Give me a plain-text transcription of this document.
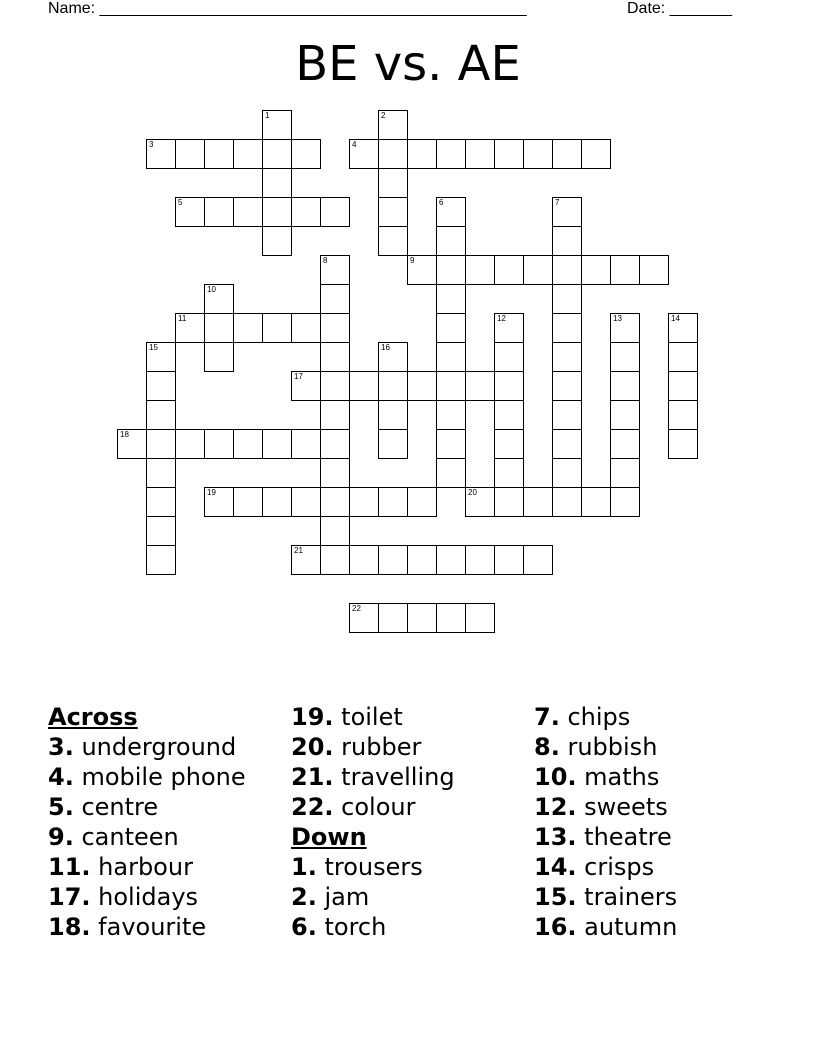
Name: ________________________________________________	Date: _______
BE vs. AE
1	2
3	4
5	6	7
8	9
10
11	12	13	14
15	16
17
18
19	20
21
22
Across
3. underground
4. mobile phone
5. centre
9. canteen
11. harbour
17. holidays
18. favourite
19. toilet
20. rubber
21. travelling
22. colour
Down
1. trousers
2. jam
6. torch
7. chips
8. rubbish
10. maths
12. sweets
13. theatre
14. crisps
15. trainers
16. autumn
